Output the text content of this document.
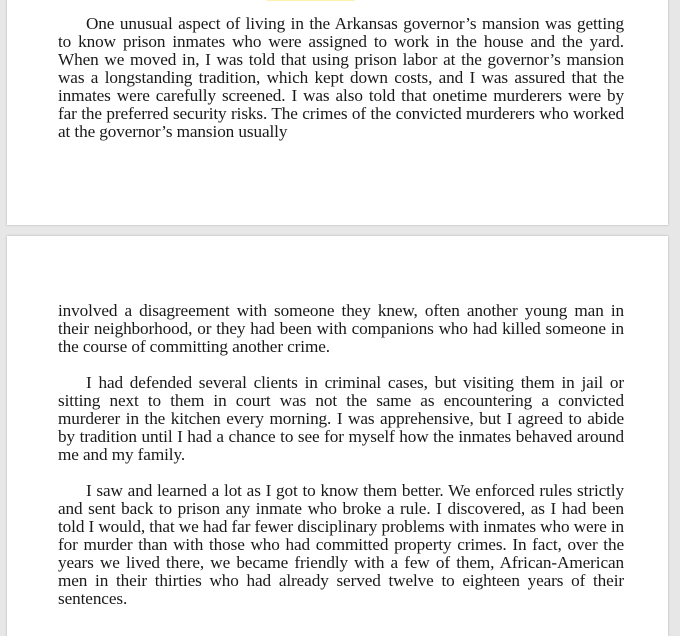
One unusual aspect of living in the Arkansas governor’s mansion was getting to know prison inmates who were assigned to work in the house and the yard. When we moved in, I was told that using prison labor at the governor’s mansion was a longstanding tradition, which kept down costs, and I was assured that the inmates were carefully screened. I was also told that onetime murderers were by far the preferred security risks. The crimes of the convicted murderers who worked at the governor’s mansion usually

involved a disagreement with someone they knew, often another young man in their neighborhood, or they had been with companions who had killed someone in the course of committing another crime.

I had defended several clients in criminal cases, but visiting them in jail or sitting next to them in court was not the same as encountering a convicted murderer in the kitchen every morning. I was apprehensive, but I agreed to abide by tradition until I had a chance to see for myself how the inmates behaved around me and my family.

I saw and learned a lot as I got to know them better. We enforced rules strictly and sent back to prison any inmate who broke a rule. I discovered, as I had been told I would, that we had far fewer disciplinary problems with inmates who were in for murder than with those who had committed property crimes. In fact, over the years we lived there, we became friendly with a few of them, African-American men in their thirties who had already served twelve to eighteen years of their sentences.
